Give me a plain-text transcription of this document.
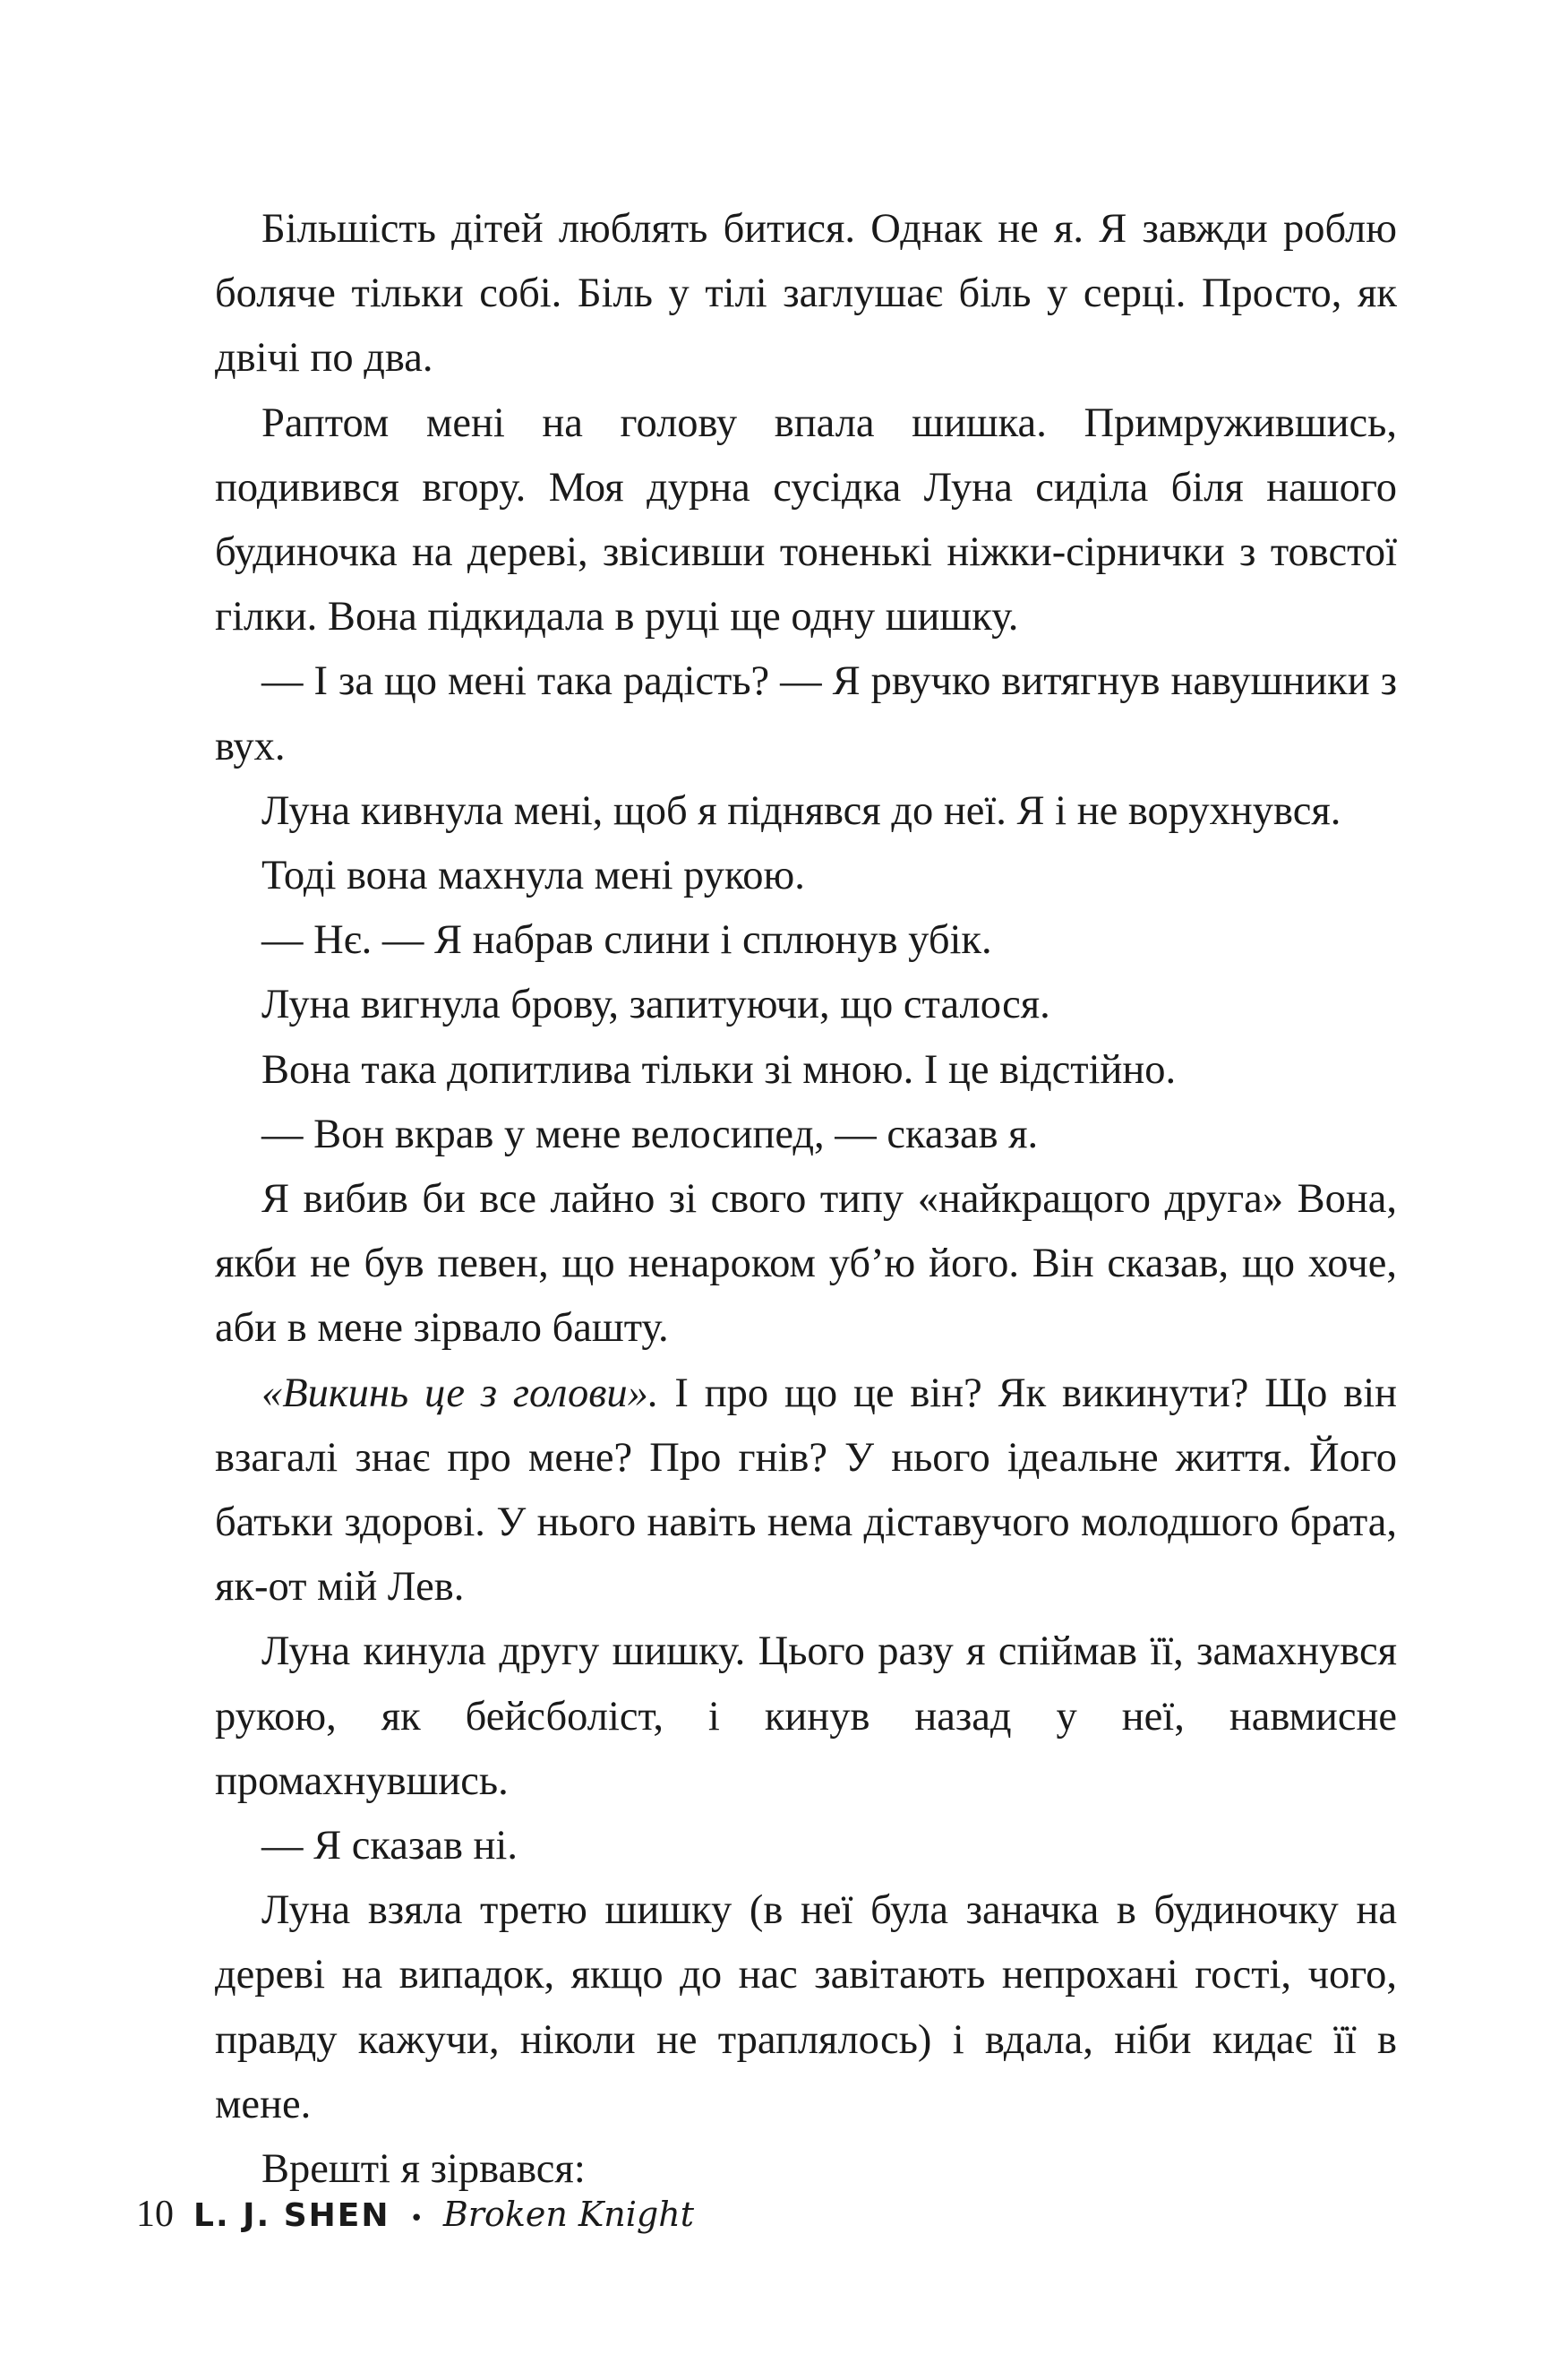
Більшість дітей люблять битися. Однак не я. Я завжди роблю боляче тільки собі. Біль у тілі заглушає біль у серці. Просто, як двічі по два.

Раптом мені на голову впала шишка. Примружившись, подивився вгору. Моя дурна сусідка Луна сиділа біля нашого будиночка на дереві, звісивши тоненькі ніжки-сірнички з товстої гілки. Вона підкидала в руці ще одну шишку.

— І за що мені така радість? — Я рвучко витягнув навушники з вух.

Луна кивнула мені, щоб я піднявся до неї. Я і не ворухнувся.

Тоді вона махнула мені рукою.

— Нє. — Я набрав слини і сплюнув убік.

Луна вигнула брову, запитуючи, що сталося.

Вона така допитлива тільки зі мною. І це відстійно.

— Вон вкрав у мене велосипед, — сказав я.

Я вибив би все лайно зі свого типу «найкращого друга» Вона, якби не був певен, що ненароком уб’ю його. Він сказав, що хоче, аби в мене зірвало башту.

«Викинь це з голови». І про що це він? Як викинути? Що він взагалі знає про мене? Про гнів? У нього ідеальне життя. Його батьки здорові. У нього навіть нема діставучого молодшого брата, як-от мій Лев.

Луна кинула другу шишку. Цього разу я спіймав її, замахнувся рукою, як бейсболіст, і кинув назад у неї, навмисне промахнувшись.

— Я сказав ні.

Луна взяла третю шишку (в неї була заначка в будиночку на дереві на випадок, якщо до нас завітають непрохані гості, чого, правду кажучи, ніколи не траплялось) і вдала, ніби кидає її в мене.

Врешті я зірвався:

10 L. J. SHEN • Broken Knight
